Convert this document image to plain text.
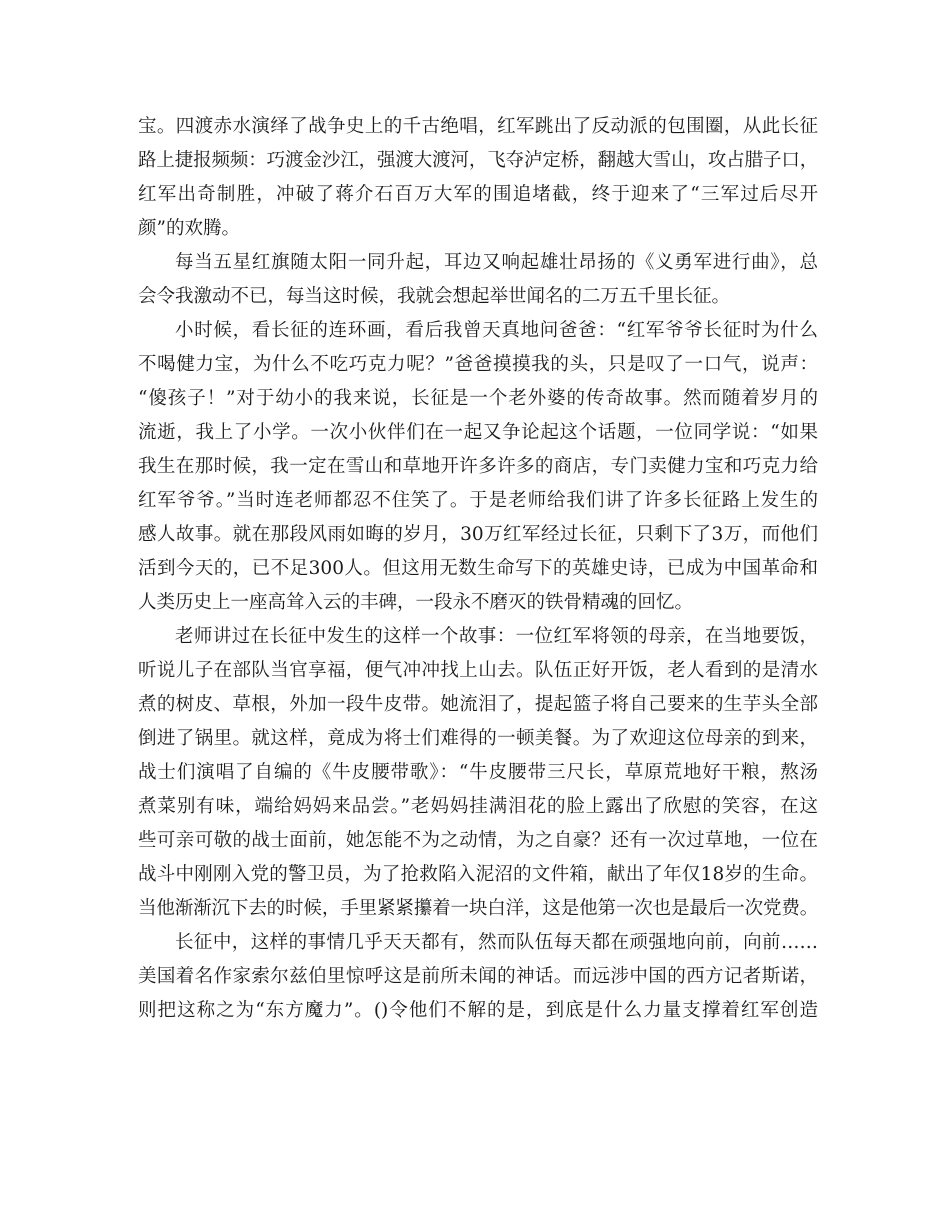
宝。四渡赤水演绎了战争史上的千古绝唱，红军跳出了反动派的包围圈，从此长征
路上捷报频频：巧渡金沙江，强渡大渡河，飞夺泸定桥，翻越大雪山，攻占腊子口，
红军出奇制胜，冲破了蒋介石百万大军的围追堵截，终于迎来了“三军过后尽开
颜”的欢腾。
每当五星红旗随太阳一同升起，耳边又响起雄壮昂扬的《义勇军进行曲》，总
会令我激动不已，每当这时候，我就会想起举世闻名的二万五千里长征。
小时候，看长征的连环画，看后我曾天真地问爸爸：“红军爷爷长征时为什么
不喝健力宝，为什么不吃巧克力呢？”爸爸摸摸我的头，只是叹了一口气，说声：
“傻孩子！”对于幼小的我来说，长征是一个老外婆的传奇故事。然而随着岁月的
流逝，我上了小学。一次小伙伴们在一起又争论起这个话题，一位同学说：“如果
我生在那时候，我一定在雪山和草地开许多许多的商店，专门卖健力宝和巧克力给
红军爷爷。”当时连老师都忍不住笑了。于是老师给我们讲了许多长征路上发生的
感人故事。就在那段风雨如晦的岁月，30万红军经过长征，只剩下了3万，而他们
活到今天的，已不足300人。但这用无数生命写下的英雄史诗，已成为中国革命和
人类历史上一座高耸入云的丰碑，一段永不磨灭的铁骨精魂的回忆。
老师讲过在长征中发生的这样一个故事：一位红军将领的母亲，在当地要饭，
听说儿子在部队当官享福，便气冲冲找上山去。队伍正好开饭，老人看到的是清水
煮的树皮、草根，外加一段牛皮带。她流泪了，提起篮子将自己要来的生芋头全部
倒进了锅里。就这样，竟成为将士们难得的一顿美餐。为了欢迎这位母亲的到来，
战士们演唱了自编的《牛皮腰带歌》：“牛皮腰带三尺长，草原荒地好干粮，熬汤
煮菜别有味，端给妈妈来品尝。”老妈妈挂满泪花的脸上露出了欣慰的笑容，在这
些可亲可敬的战士面前，她怎能不为之动情，为之自豪？还有一次过草地，一位在
战斗中刚刚入党的警卫员，为了抢救陷入泥沼的文件箱，献出了年仅18岁的生命。
当他渐渐沉下去的时候，手里紧紧攥着一块白洋，这是他第一次也是最后一次党费。
长征中，这样的事情几乎天天都有，然而队伍每天都在顽强地向前，向前……
美国着名作家索尔兹伯里惊呼这是前所未闻的神话。而远涉中国的西方记者斯诺，
则把这称之为“东方魔力”。()令他们不解的是，到底是什么力量支撑着红军创造
